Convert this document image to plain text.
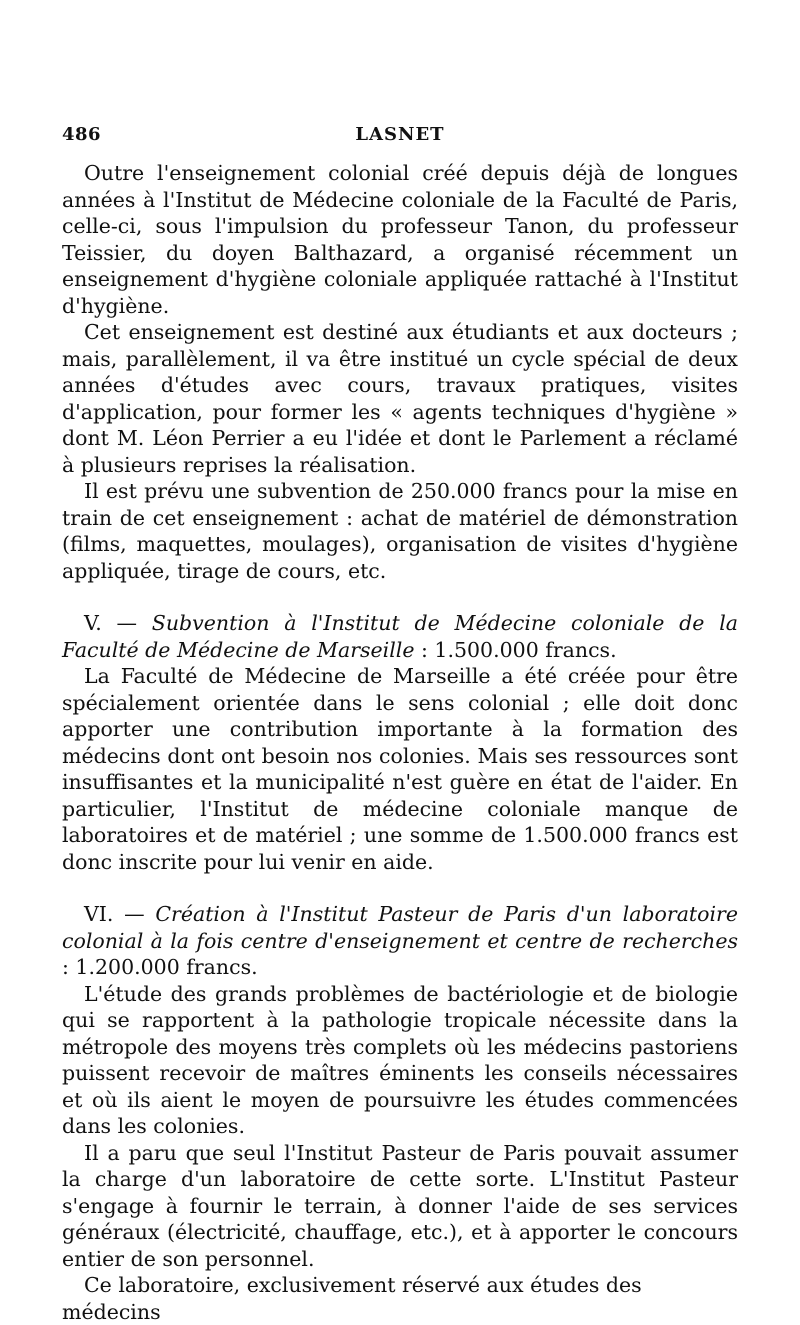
486	LASNET

Outre l'enseignement colonial créé depuis déjà de longues années à l'Institut de Médecine coloniale de la Faculté de Paris, celle-ci, sous l'impulsion du professeur Tanon, du professeur Teissier, du doyen Balthazard, a organisé récemment un enseignement d'hygiène coloniale appliquée rattaché à l'Institut d'hygiène.

Cet enseignement est destiné aux étudiants et aux docteurs ; mais, parallèlement, il va être institué un cycle spécial de deux années d'études avec cours, travaux pratiques, visites d'application, pour former les « agents techniques d'hygiène » dont M. Léon Perrier a eu l'idée et dont le Parlement a réclamé à plusieurs reprises la réalisation.

Il est prévu une subvention de 250.000 francs pour la mise en train de cet enseignement : achat de matériel de démonstration (films, maquettes, moulages), organisation de visites d'hygiène appliquée, tirage de cours, etc.

V. — Subvention à l'Institut de Médecine coloniale de la Faculté de Médecine de Marseille : 1.500.000 francs.

La Faculté de Médecine de Marseille a été créée pour être spécialement orientée dans le sens colonial ; elle doit donc apporter une contribution importante à la formation des médecins dont ont besoin nos colonies. Mais ses ressources sont insuffisantes et la municipalité n'est guère en état de l'aider. En particulier, l'Institut de médecine coloniale manque de laboratoires et de matériel ; une somme de 1.500.000 francs est donc inscrite pour lui venir en aide.

VI. — Création à l'Institut Pasteur de Paris d'un laboratoire colonial à la fois centre d'enseignement et centre de recherches : 1.200.000 francs.

L'étude des grands problèmes de bactériologie et de biologie qui se rapportent à la pathologie tropicale nécessite dans la métropole des moyens très complets où les médecins pastoriens puissent recevoir de maîtres éminents les conseils nécessaires et où ils aient le moyen de poursuivre les études commencées dans les colonies.

Il a paru que seul l'Institut Pasteur de Paris pouvait assumer la charge d'un laboratoire de cette sorte. L'Institut Pasteur s'engage à fournir le terrain, à donner l'aide de ses services généraux (électricité, chauffage, etc.), et à apporter le concours entier de son personnel.

Ce laboratoire, exclusivement réservé aux études des médecins
